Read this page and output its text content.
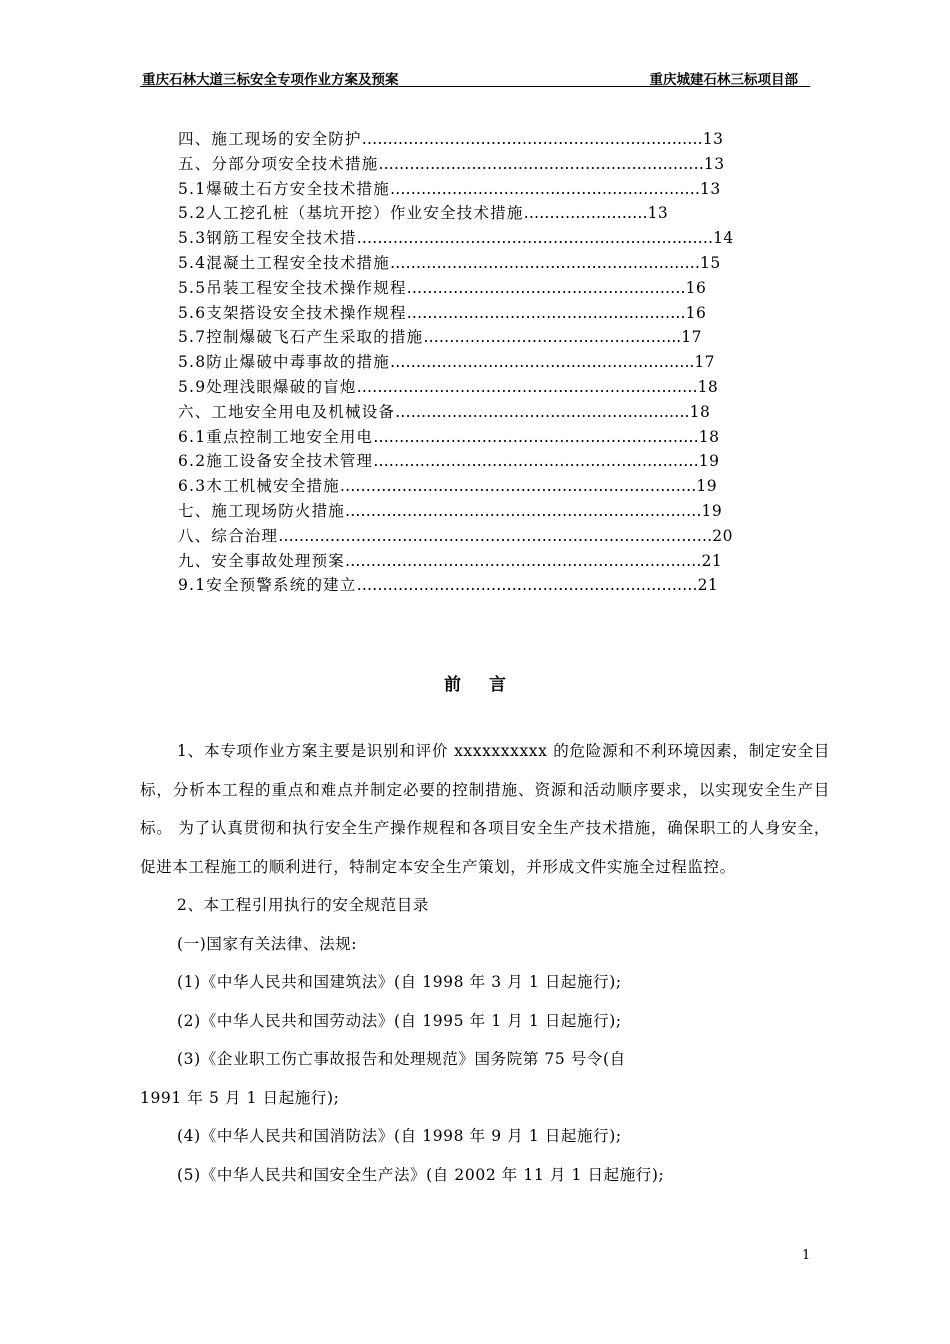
重庆石林大道三标安全专项作业方案及预案	重庆城建石林三标项目部
四、施工现场的安全防护…………………………………………………………13
五、分部分项安全技术措施………………………………………………………13
5.1爆破土石方安全技术措施……………………………………………………13
5.2人工挖孔桩（基坑开挖）作业安全技术措施……………………13
5.3钢筋工程安全技术措……………………………………………………………14
5.4混凝土工程安全技术措施……………………………………………………15
5.5吊装工程安全技术操作规程………………………………………………16
5.6支架搭设安全技术操作规程………………………………………………16
5.7控制爆破飞石产生采取的措施…………………………………………..17
5.8防止爆破中毒事故的措施…………………………………………………..17
5.9处理浅眼爆破的盲炮…………………………………………………………18
六、工地安全用电及机械设备…………………………………………………18
6.1重点控制工地安全用电………………………………………………………18
6.2施工设备安全技术管理………………………………………………………19
6.3木工机械安全措施……………………………………………………………19
七、施工现场防火措施……………………………………………………………19
八、综合治理…………………………………………………………………………20
九、安全事故处理预案……………………………………………………………21
9.1安全预警系统的建立…………………………………………………………21
前言

1、本专项作业方案主要是识别和评价 xxxxxxxxxx 的危险源和不利环境因素，制定安全目标，分析本工程的重点和难点并制定必要的控制措施、资源和活动顺序要求，以实现安全生产目标。 为了认真贯彻和执行安全生产操作规程和各项目安全生产技术措施，确保职工的人身安全，促进本工程施工的顺利进行，特制定本安全生产策划，并形成文件实施全过程监控。

2、本工程引用执行的安全规范目录

(一)国家有关法律、法规:

(1)《中华人民共和国建筑法》(自 1998 年 3 月 1 日起施行);

(2)《中华人民共和国劳动法》(自 1995 年 1 月 1 日起施行);

(3)《企业职工伤亡事故报告和处理规范》国务院第 75 号令(自

1991 年 5 月 1 日起施行);

(4)《中华人民共和国消防法》(自 1998 年 9 月 1 日起施行);

(5)《中华人民共和国安全生产法》(自 2002 年 11 月 1 日起施行);

1
